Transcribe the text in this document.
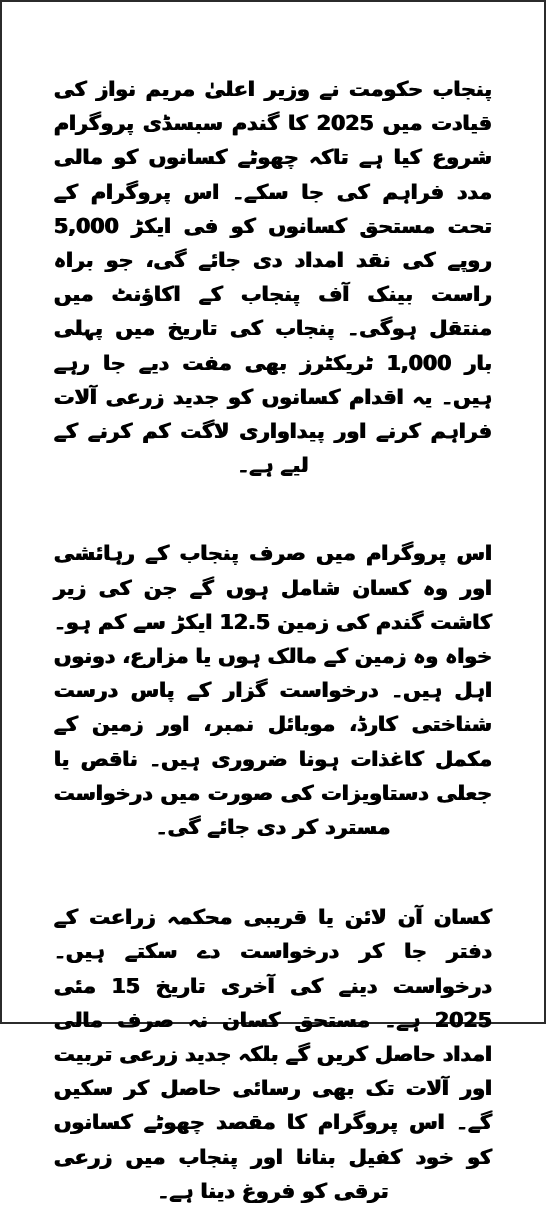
پنجاب حکومت نے وزیر اعلیٰ مریم نواز کی قیادت میں 2025 کا گندم سبسڈی پروگرام شروع کیا ہے تاکہ چھوٹے کسانوں کو مالی مدد فراہم کی جا سکے۔ اس پروگرام کے تحت مستحق کسانوں کو فی ایکڑ 5,000 روپے کی نقد امداد دی جائے گی، جو براہ راست بینک آف پنجاب کے اکاؤنٹ میں منتقل ہوگی۔ پنجاب کی تاریخ میں پہلی بار 1,000 ٹریکٹرز بھی مفت دیے جا رہے ہیں۔ یہ اقدام کسانوں کو جدید زرعی آلات فراہم کرنے اور پیداواری لاگت کم کرنے کے لیے ہے۔

اس پروگرام میں صرف پنجاب کے رہائشی اور وہ کسان شامل ہوں گے جن کی زیر کاشت گندم کی زمین 12.5 ایکڑ سے کم ہو۔ خواہ وہ زمین کے مالک ہوں یا مزارع، دونوں اہل ہیں۔ درخواست گزار کے پاس درست شناختی کارڈ، موبائل نمبر، اور زمین کے مکمل کاغذات ہونا ضروری ہیں۔ ناقص یا جعلی دستاویزات کی صورت میں درخواست مسترد کر دی جائے گی۔

کسان آن لائن یا قریبی محکمہ زراعت کے دفتر جا کر درخواست دے سکتے ہیں۔ درخواست دینے کی آخری تاریخ 15 مئی 2025 ہے۔ مستحق کسان نہ صرف مالی امداد حاصل کریں گے بلکہ جدید زرعی تربیت اور آلات تک بھی رسائی حاصل کر سکیں گے۔ اس پروگرام کا مقصد چھوٹے کسانوں کو خود کفیل بنانا اور پنجاب میں زرعی ترقی کو فروغ دینا ہے۔
